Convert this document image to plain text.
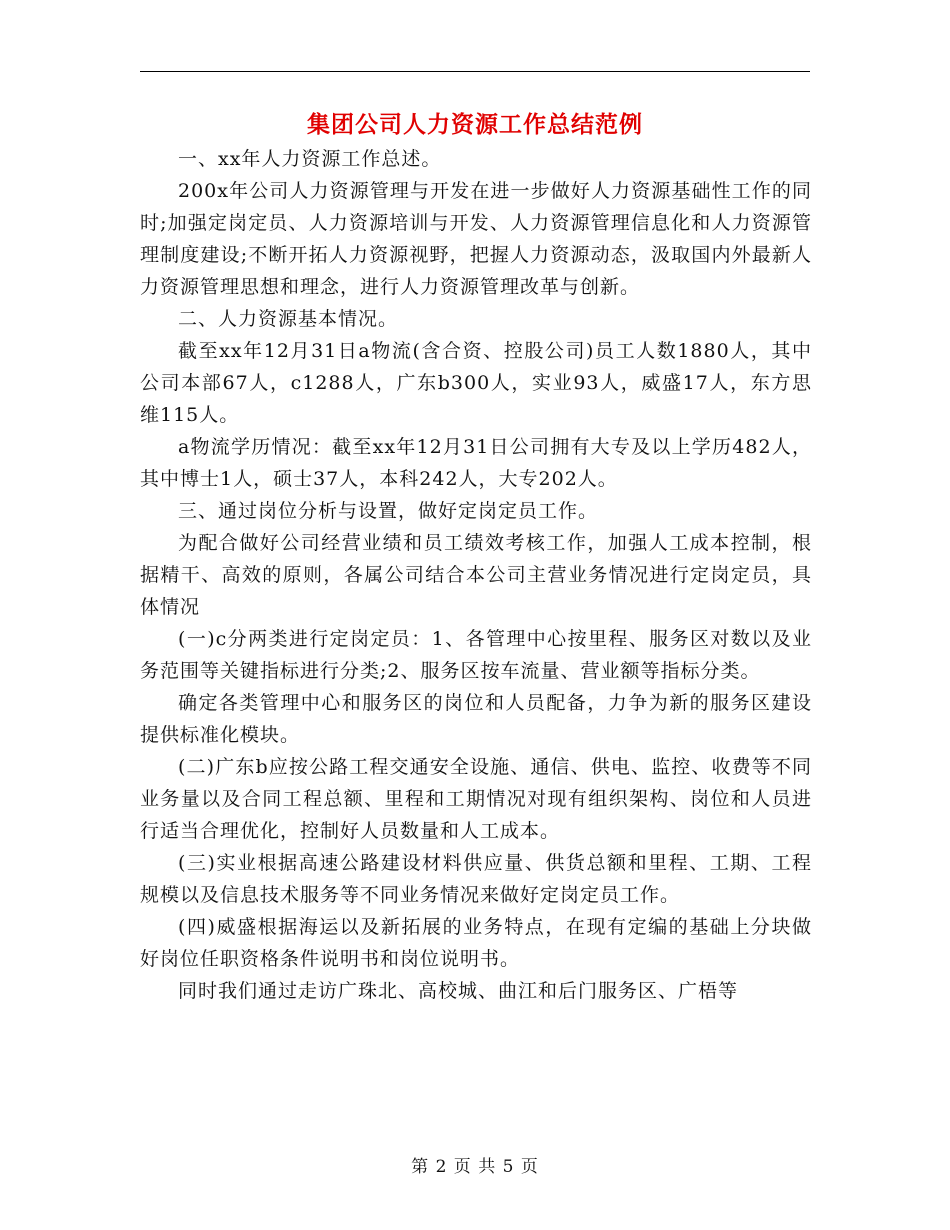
集团公司人力资源工作总结范例

一、xx年人力资源工作总述。

200x年公司人力资源管理与开发在进一步做好人力资源基础性工作的同时;加强定岗定员、人力资源培训与开发、人力资源管理信息化和人力资源管理制度建设;不断开拓人力资源视野，把握人力资源动态，汲取国内外最新人力资源管理思想和理念，进行人力资源管理改革与创新。

二、人力资源基本情况。

截至xx年12月31日a物流(含合资、控股公司)员工人数1880人，其中公司本部67人，c1288人，广东b300人，实业93人，威盛17人，东方思维115人。

a物流学历情况：截至xx年12月31日公司拥有大专及以上学历482人，其中博士1人，硕士37人，本科242人，大专202人。

三、通过岗位分析与设置，做好定岗定员工作。

为配合做好公司经营业绩和员工绩效考核工作，加强人工成本控制，根据精干、高效的原则，各属公司结合本公司主营业务情况进行定岗定员，具体情况

(一)c分两类进行定岗定员：1、各管理中心按里程、服务区对数以及业务范围等关键指标进行分类;2、服务区按车流量、营业额等指标分类。

确定各类管理中心和服务区的岗位和人员配备，力争为新的服务区建设提供标准化模块。

(二)广东b应按公路工程交通安全设施、通信、供电、监控、收费等不同业务量以及合同工程总额、里程和工期情况对现有组织架构、岗位和人员进行适当合理优化，控制好人员数量和人工成本。

(三)实业根据高速公路建设材料供应量、供货总额和里程、工期、工程规模以及信息技术服务等不同业务情况来做好定岗定员工作。

(四)威盛根据海运以及新拓展的业务特点，在现有定编的基础上分块做好岗位任职资格条件说明书和岗位说明书。

同时我们通过走访广珠北、高校城、曲江和后门服务区、广梧等

第 2 页 共 5 页
